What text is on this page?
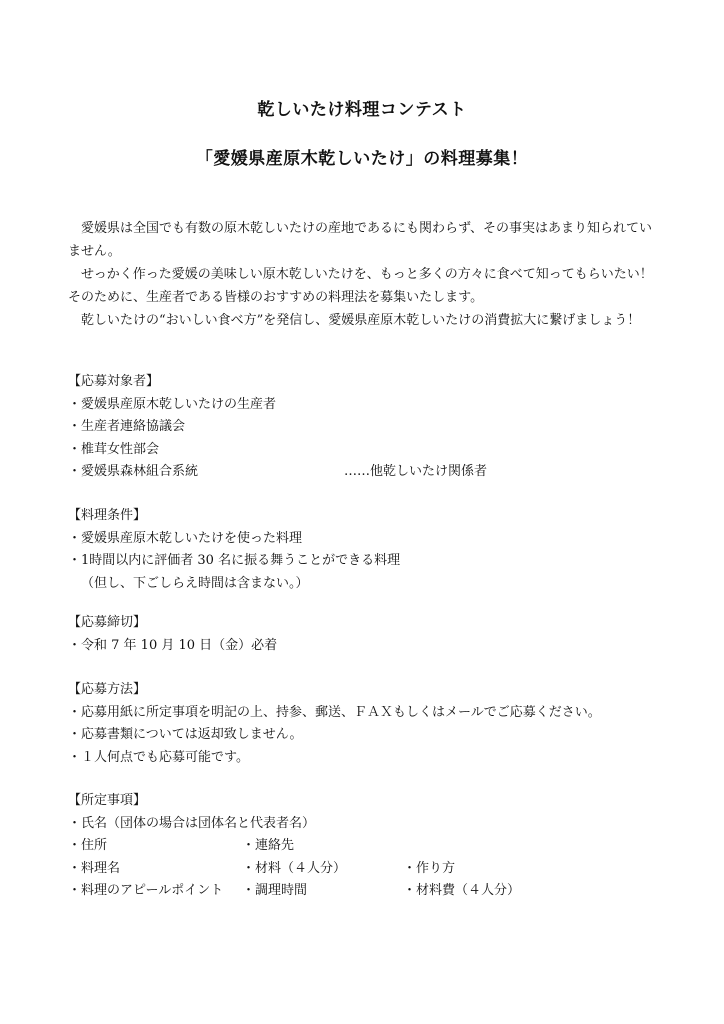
乾しいたけ料理コンテスト
「愛媛県産原木乾しいたけ」の料理募集！

愛媛県は全国でも有数の原木乾しいたけの産地であるにも関わらず、その事実はあまり知られていません。

せっかく作った愛媛の美味しい原木乾しいたけを、もっと多くの方々に食べて知ってもらいたい！そのために、生産者である皆様のおすすめの料理法を募集いたします。

乾しいたけの“おいしい食べ方”を発信し、愛媛県産原木乾しいたけの消費拡大に繋げましょう！

【応募対象者】
・愛媛県産原木乾しいたけの生産者
・生産者連絡協議会
・椎茸女性部会
・愛媛県森林組合系統	……他乾しいたけ関係者
【料理条件】
・愛媛県産原木乾しいたけを使った料理
・1時間以内に評価者 30 名に振る舞うことができる料理
（但し、下ごしらえ時間は含まない。）
【応募締切】
・令和 7 年 10 月 10 日（金）必着
【応募方法】
・応募用紙に所定事項を明記の上、持参、郵送、ＦＡＸもしくはメールでご応募ください。
・応募書類については返却致しません。
・１人何点でも応募可能です。
【所定事項】
・氏名（団体の場合は団体名と代表者名）
・住所	・連絡先
・料理名	・材料（４人分）	・作り方
・料理のアピールポイント ・調理時間	・材料費（４人分）
